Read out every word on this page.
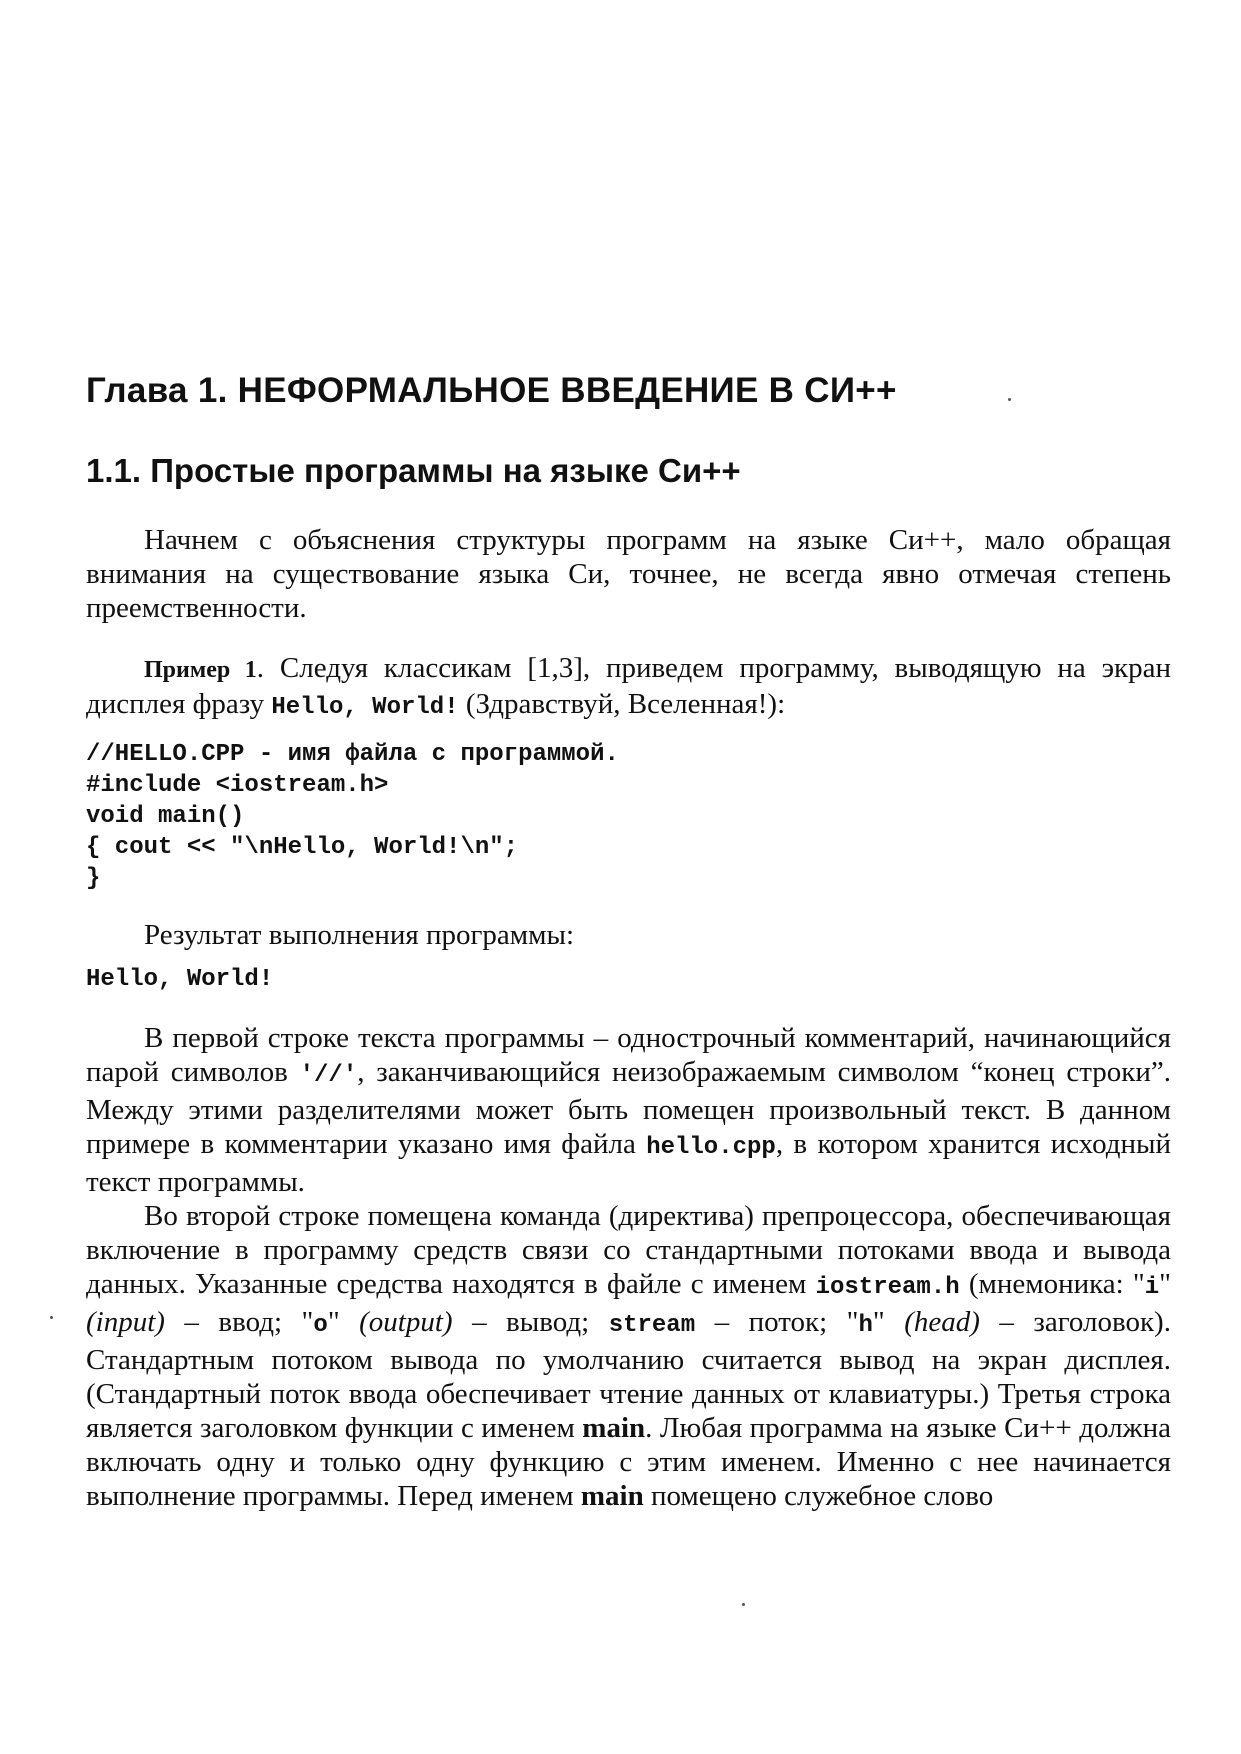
Глава 1. НЕФОРМАЛЬНОЕ ВВЕДЕНИЕ В СИ++
1.1. Простые программы на языке Си++

Начнем с объяснения структуры программ на языке Си++, мало обращая внимания на существование языка Си, точнее, не всегда явно отмечая степень преемственности.

Пример 1. Следуя классикам [1,3], приведем программу, выводящую на экран дисплея фразу Hello, World! (Здравствуй, Вселенная!):

//HELLO.CPP - имя файла с программой.
#include <iostream.h>
void main()
{ cout << "\nHello, World!\n";
}

Результат выполнения программы:

Hello, World!

В первой строке текста программы – однострочный комментарий, начинающийся парой символов '//', заканчивающийся неизображаемым символом “конец строки”. Между этими разделителями может быть помещен произвольный текст. В данном примере в комментарии указано имя файла hello.cpp, в котором хранится исходный текст программы.

Во второй строке помещена команда (директива) препроцессора, обеспечивающая включение в программу средств связи со стандартными потоками ввода и вывода данных. Указанные средства находятся в файле с именем iostream.h (мнемоника: "i" (input) – ввод; "o" (output) – вывод; stream – поток; "h" (head) – заголовок). Стандартным потоком вывода по умолчанию считается вывод на экран дисплея. (Стандартный поток ввода обеспечивает чтение данных от клавиатуры.) Третья строка является заголовком функции с именем main. Любая программа на языке Си++ должна включать одну и только одну функцию с этим именем. Именно с нее начинается выполнение программы. Перед именем main помещено служебное слово
